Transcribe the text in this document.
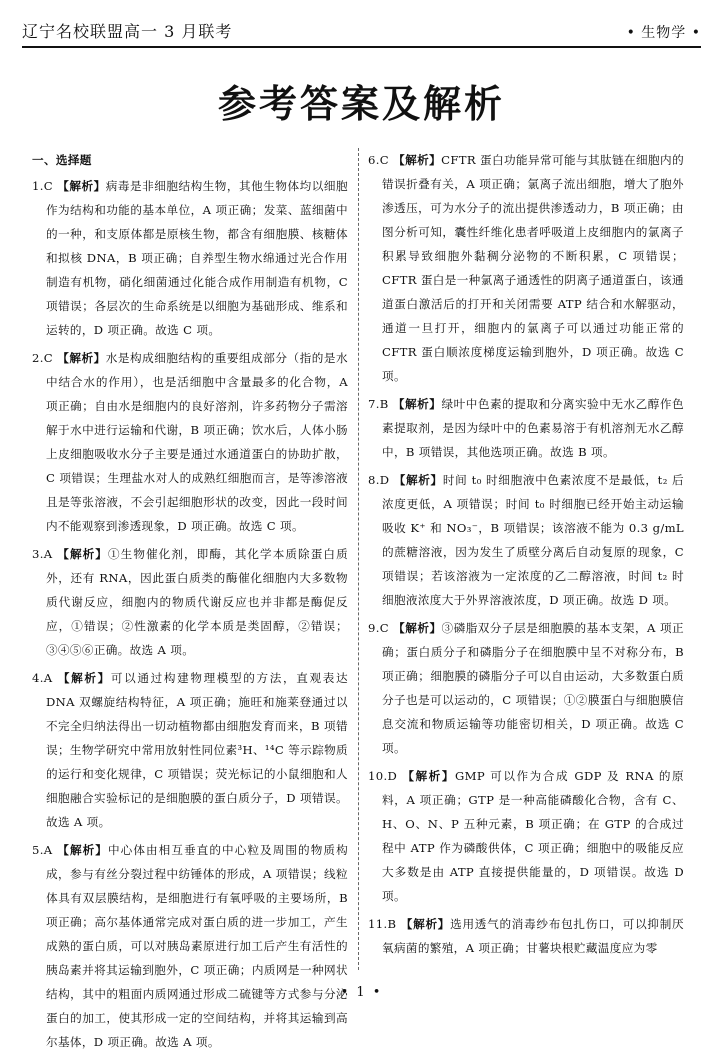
辽宁名校联盟高一 3 月联考	• 生物学 •
参考答案及解析
一、选择题
1.C 【解析】病毒是非细胞结构生物，其他生物体均以细胞作为结构和功能的基本单位，A 项正确；发菜、蓝细菌中的一种，和支原体都是原核生物，都含有细胞膜、核糖体和拟核 DNA，B 项正确；自养型生物水绵通过光合作用制造有机物，硝化细菌通过化能合成作用制造有机物，C 项错误；各层次的生命系统是以细胞为基础形成、维系和运转的，D 项正确。故选 C 项。
2.C 【解析】水是构成细胞结构的重要组成部分（指的是水中结合水的作用），也是活细胞中含量最多的化合物，A 项正确；自由水是细胞内的良好溶剂，许多药物分子需溶解于水中进行运输和代谢，B 项正确；饮水后，人体小肠上皮细胞吸收水分子主要是通过水通道蛋白的协助扩散，C 项错误；生理盐水对人的成熟红细胞而言，是等渗溶液且是等张溶液，不会引起细胞形状的改变，因此一段时间内不能观察到渗透现象，D 项正确。故选 C 项。
3.A 【解析】①生物催化剂，即酶，其化学本质除蛋白质外，还有 RNA，因此蛋白质类的酶催化细胞内大多数物质代谢反应，细胞内的物质代谢反应也并非都是酶促反应，①错误；②性激素的化学本质是类固醇，②错误；③④⑤⑥正确。故选 A 项。
4.A 【解析】可以通过构建物理模型的方法，直观表达 DNA 双螺旋结构特征，A 项正确；施旺和施莱登通过以不完全归纳法得出一切动植物都由细胞发育而来，B 项错误；生物学研究中常用放射性同位素³H、¹⁴C 等示踪物质的运行和变化规律，C 项错误；荧光标记的小鼠细胞和人细胞融合实验标记的是细胞膜的蛋白质分子，D 项错误。故选 A 项。
5.A 【解析】中心体由相互垂直的中心粒及周围的物质构成，参与有丝分裂过程中纺锤体的形成，A 项错误；线粒体具有双层膜结构，是细胞进行有氧呼吸的主要场所，B 项正确；高尔基体通常完成对蛋白质的进一步加工，产生成熟的蛋白质，可以对胰岛素原进行加工后产生有活性的胰岛素并将其运输到胞外，C 项正确；内质网是一种网状结构，其中的粗面内质网通过形成二硫键等方式参与分泌蛋白的加工，使其形成一定的空间结构，并将其运输到高尔基体，D 项正确。故选 A 项。
6.C 【解析】CFTR 蛋白功能异常可能与其肽链在细胞内的错误折叠有关，A 项正确；氯离子流出细胞，增大了胞外渗透压，可为水分子的流出提供渗透动力，B 项正确；由图分析可知，囊性纤维化患者呼吸道上皮细胞内的氯离子积累导致细胞外黏稠分泌物的不断积累，C 项错误；CFTR 蛋白是一种氯离子通透性的阴离子通道蛋白，该通道蛋白激活后的打开和关闭需要 ATP 结合和水解驱动，通道一旦打开，细胞内的氯离子可以通过功能正常的 CFTR 蛋白顺浓度梯度运输到胞外，D 项正确。故选 C 项。
7.B 【解析】绿叶中色素的提取和分离实验中无水乙醇作色素提取剂，是因为绿叶中的色素易溶于有机溶剂无水乙醇中，B 项错误，其他选项正确。故选 B 项。
8.D 【解析】时间 t₀ 时细胞液中色素浓度不是最低，t₂ 后浓度更低，A 项错误；时间 t₀ 时细胞已经开始主动运输吸收 K⁺ 和 NO₃⁻，B 项错误；该溶液不能为 0.3 g/mL 的蔗糖溶液，因为发生了质壁分离后自动复原的现象，C 项错误；若该溶液为一定浓度的乙二醇溶液，时间 t₂ 时细胞液浓度大于外界溶液浓度，D 项正确。故选 D 项。
9.C 【解析】③磷脂双分子层是细胞膜的基本支架，A 项正确；蛋白质分子和磷脂分子在细胞膜中呈不对称分布，B 项正确；细胞膜的磷脂分子可以自由运动，大多数蛋白质分子也是可以运动的，C 项错误；①②膜蛋白与细胞膜信息交流和物质运输等功能密切相关，D 项正确。故选 C 项。
10.D 【解析】GMP 可以作为合成 GDP 及 RNA 的原料，A 项正确；GTP 是一种高能磷酸化合物，含有 C、H、O、N、P 五种元素，B 项正确；在 GTP 的合成过程中 ATP 作为磷酸供体，C 项正确；细胞中的吸能反应大多数是由 ATP 直接提供能量的，D 项错误。故选 D 项。
11.B 【解析】选用透气的消毒纱布包扎伤口，可以抑制厌氧病菌的繁殖，A 项正确；甘薯块根贮藏温度应为零
• 1 •
